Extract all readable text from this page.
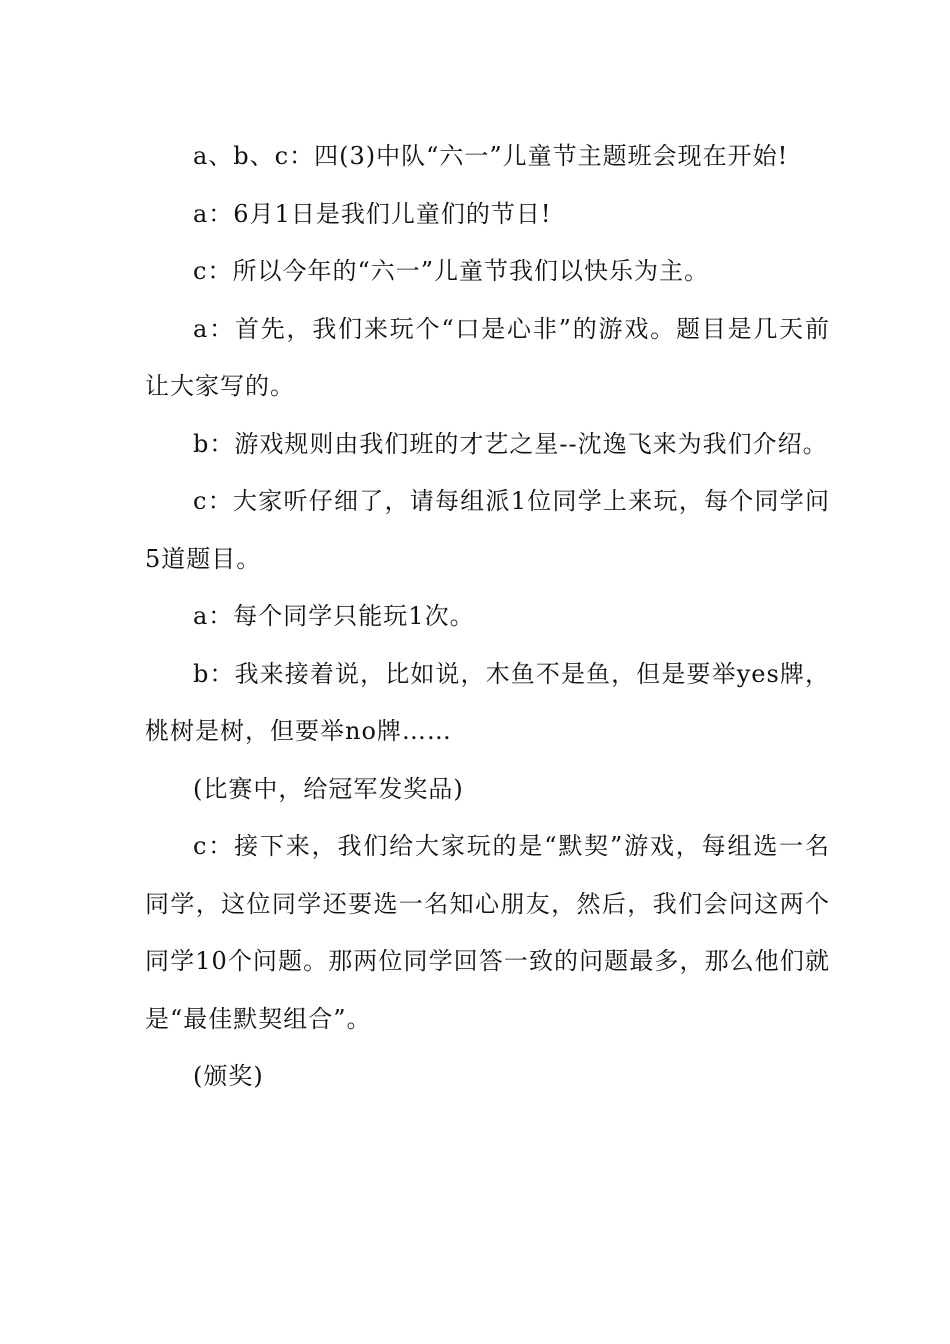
a、b、c：四(3)中队“六一”儿童节主题班会现在开始!

a：6月1日是我们儿童们的节日!

c：所以今年的“六一”儿童节我们以快乐为主。

a：首先，我们来玩个“口是心非”的游戏。题目是几天前让大家写的。

b：游戏规则由我们班的才艺之星--沈逸飞来为我们介绍。

c：大家听仔细了，请每组派1位同学上来玩，每个同学问5道题目。

a：每个同学只能玩1次。

b：我来接着说，比如说，木鱼不是鱼，但是要举yes牌，桃树是树，但要举no牌……

(比赛中，给冠军发奖品)

c：接下来，我们给大家玩的是“默契”游戏，每组选一名同学，这位同学还要选一名知心朋友，然后，我们会问这两个同学10个问题。那两位同学回答一致的问题最多，那么他们就是“最佳默契组合”。

(颁奖)
